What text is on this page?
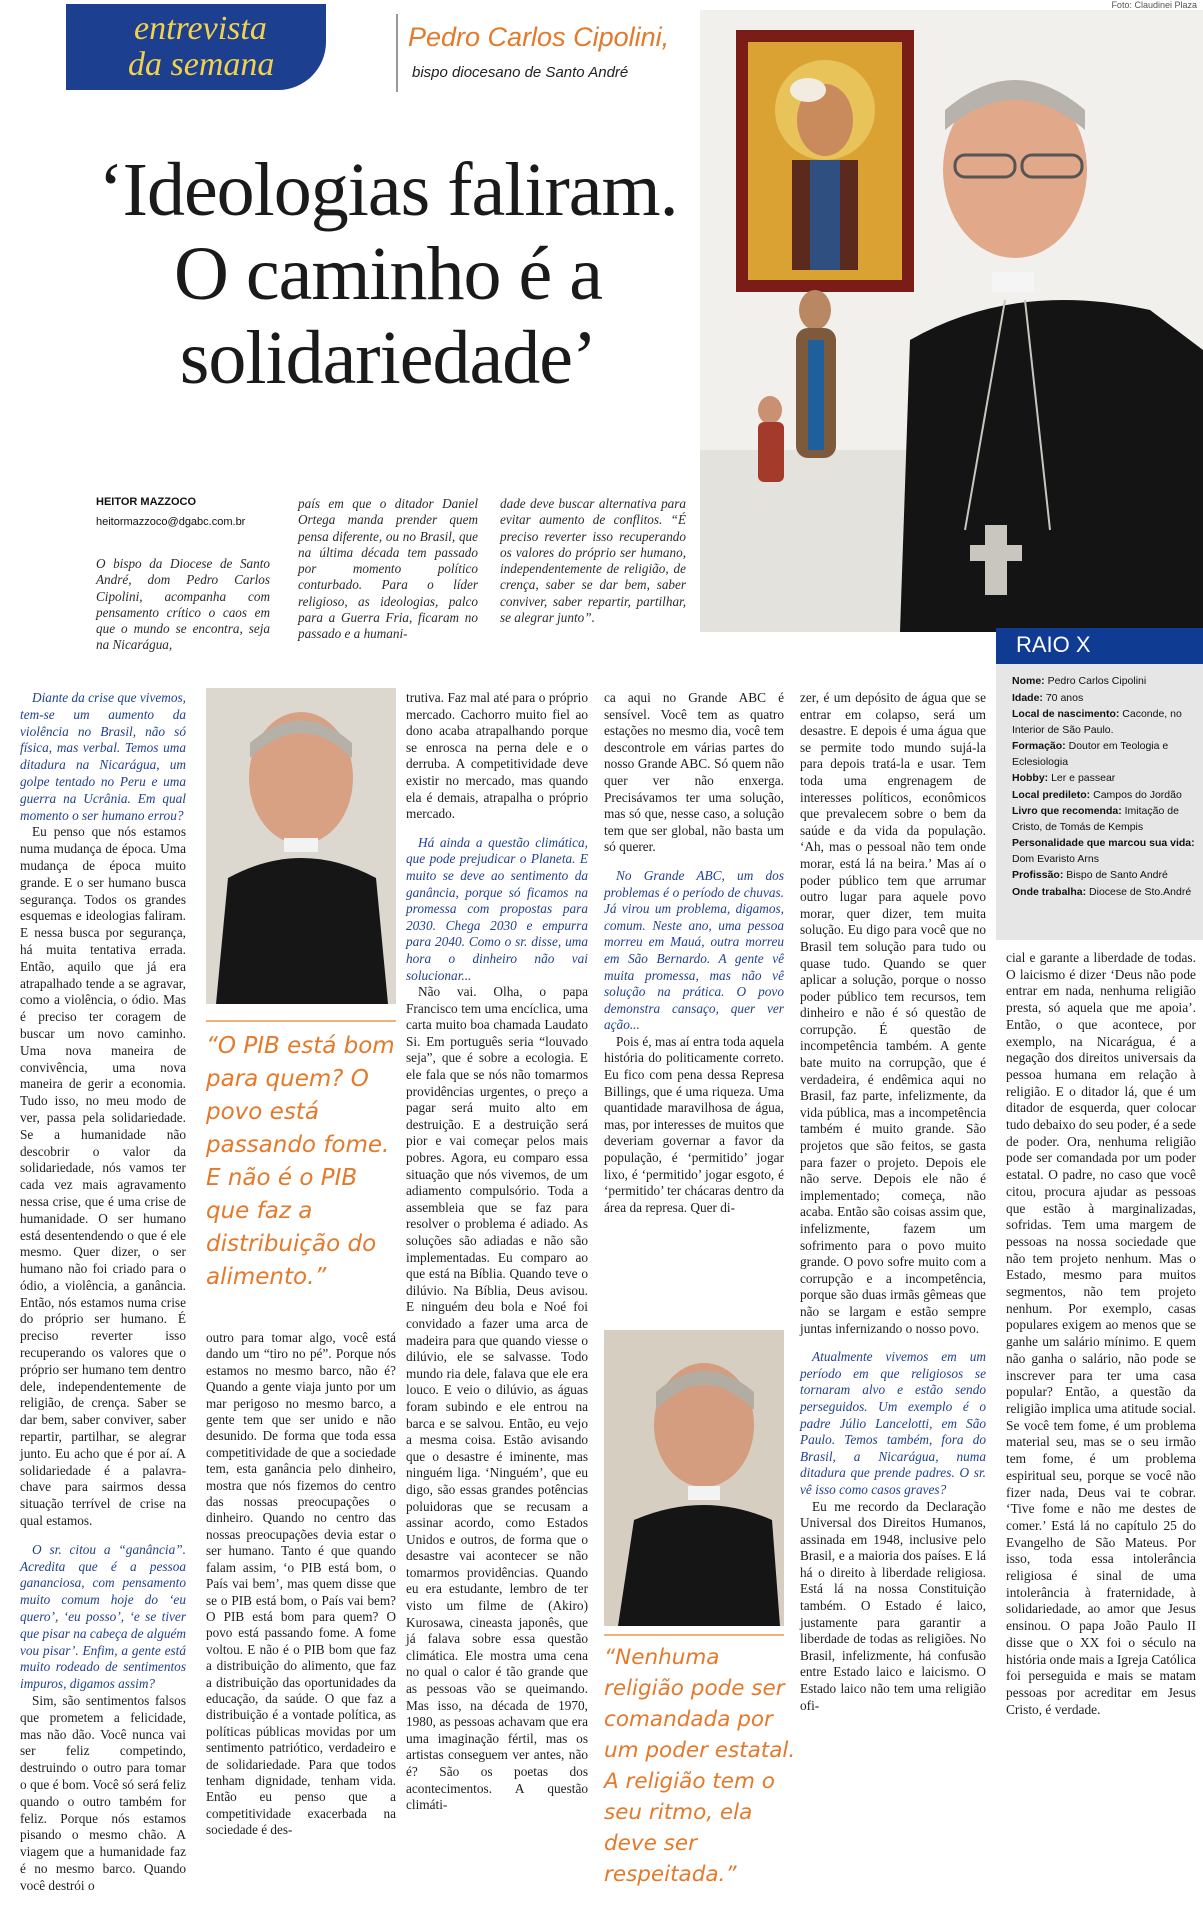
Foto: Claudinei Plaza
entrevista
da semana
Pedro Carlos Cipolini,
bispo diocesano de Santo André
‘Ideologias faliram.
O caminho é a
solidariedade’
HEITOR MAZZOCO
heitormazzoco@dgabc.com.br
O bispo da Diocese de Santo André, dom Pedro Carlos Cipolini, acompanha com pensamento crítico o caos em que o mundo se encontra, seja na Nicarágua,
país em que o ditador Daniel Ortega manda prender quem pensa diferente, ou no Brasil, que na última década tem passado por momento político conturbado. Para o líder religioso, as ideologias, palco para a Guerra Fria, ficaram no passado e a humani-
dade deve buscar alternativa para evitar aumento de conflitos. “É preciso reverter isso recuperando os valores do próprio ser humano, independentemente de religião, de crença, saber se dar bem, saber conviver, saber repartir, partilhar, se alegrar junto”.
RAIO X
Nome: Pedro Carlos Cipolini
Idade: 70 anos
Local de nascimento: Caconde, no Interior de São Paulo.
Formação: Doutor em Teologia e Eclesiologia
Hobby: Ler e passear
Local predileto: Campos do Jordão
Livro que recomenda: Imitação de Cristo, de Tomás de Kempis
Personalidade que marcou sua vida: Dom Evaristo Arns
Profissão: Bispo de Santo André
Onde trabalha: Diocese de Sto.André

Diante da crise que vivemos, tem-se um aumento da violência no Brasil, não só física, mas verbal. Temos uma ditadura na Nicarágua, um golpe tentado no Peru e uma guerra na Ucrânia. Em qual momento o ser humano errou?

Eu penso que nós estamos numa mudança de época. Uma mudança de época muito grande. E o ser humano busca segurança. Todos os grandes esquemas e ideologias faliram. E nessa busca por segurança, há muita tentativa errada. Então, aquilo que já era atrapalhado tende a se agravar, como a violência, o ódio. Mas é preciso ter coragem de buscar um novo caminho. Uma nova maneira de convivência, uma nova maneira de gerir a economia. Tudo isso, no meu modo de ver, passa pela solidariedade. Se a humanidade não descobrir o valor da solidariedade, nós vamos ter cada vez mais agravamento nessa crise, que é uma crise de humanidade. O ser humano está desentendendo o que é ele mesmo. Quer dizer, o ser humano não foi criado para o ódio, a violência, a ganância. Então, nós estamos numa crise do próprio ser humano. É preciso reverter isso recuperando os valores que o próprio ser humano tem dentro dele, independentemente de religião, de crença. Saber se dar bem, saber conviver, saber repartir, partilhar, se alegrar junto. Eu acho que é por aí. A solidariedade é a palavra-chave para sairmos dessa situação terrível de crise na qual estamos.

O sr. citou a “ganância”. Acredita que é a pessoa gananciosa, com pensamento muito comum hoje do ‘eu quero’, ‘eu posso’, ‘e se tiver que pisar na cabeça de alguém vou pisar’. Enfim, a gente está muito rodeado de sentimentos impuros, digamos assim?

Sim, são sentimentos falsos que prometem a felicidade, mas não dão. Você nunca vai ser feliz competindo, destruindo o outro para tomar o que é bom. Você só será feliz quando o outro também for feliz. Porque nós estamos pisando o mesmo chão. A viagem que a humanidade faz é no mesmo barco. Quando você destrói o

“O PIB está bom para quem? O povo está passando fome. E não é o PIB que faz a distribuição do alimento.”

outro para tomar algo, você está dando um “tiro no pé”. Porque nós estamos no mesmo barco, não é? Quando a gente viaja junto por um mar perigoso no mesmo barco, a gente tem que ser unido e não desunido. De forma que toda essa competitividade de que a sociedade tem, esta ganância pelo dinheiro, mostra que nós fizemos do centro das nossas preocupações o dinheiro. Quando no centro das nossas preocupações devia estar o ser humano. Tanto é que quando falam assim, ‘o PIB está bom, o País vai bem’, mas quem disse que se o PIB está bom, o País vai bem? O PIB está bom para quem? O povo está passando fome. A fome voltou. E não é o PIB bom que faz a distribuição do alimento, que faz a distribuição das oportunidades da educação, da saúde. O que faz a distribuição é a vontade política, as políticas públicas movidas por um sentimento patriótico, verdadeiro e de solidariedade. Para que todos tenham dignidade, tenham vida. Então eu penso que a competitividade exacerbada na sociedade é des-

trutiva. Faz mal até para o próprio mercado. Cachorro muito fiel ao dono acaba atrapalhando porque se enrosca na perna dele e o derruba. A competitividade deve existir no mercado, mas quando ela é demais, atrapalha o próprio mercado.

Há ainda a questão climática, que pode prejudicar o Planeta. E muito se deve ao sentimento da ganância, porque só ficamos na promessa com propostas para 2030. Chega 2030 e empurra para 2040. Como o sr. disse, uma hora o dinheiro não vai solucionar...

Não vai. Olha, o papa Francisco tem uma encíclica, uma carta muito boa chamada Laudato Si. Em português seria “louvado seja”, que é sobre a ecologia. E ele fala que se nós não tomarmos providências urgentes, o preço a pagar será muito alto em destruição. E a destruição será pior e vai começar pelos mais pobres. Agora, eu comparo essa situação que nós vivemos, de um adiamento compulsório. Toda a assembleia que se faz para resolver o problema é adiado. As soluções são adiadas e não são implementadas. Eu comparo ao que está na Bíblia. Quando teve o dilúvio. Na Bíblia, Deus avisou. E ninguém deu bola e Noé foi convidado a fazer uma arca de madeira para que quando viesse o dilúvio, ele se salvasse. Todo mundo ria dele, falava que ele era louco. E veio o dilúvio, as águas foram subindo e ele entrou na barca e se salvou. Então, eu vejo a mesma coisa. Estão avisando que o desastre é iminente, mas ninguém liga. ‘Ninguém’, que eu digo, são essas grandes potências poluidoras que se recusam a assinar acordo, como Estados Unidos e outros, de forma que o desastre vai acontecer se não tomarmos providências. Quando eu era estudante, lembro de ter visto um filme de (Akiro) Kurosawa, cineasta japonês, que já falava sobre essa questão climática. Ele mostra uma cena no qual o calor é tão grande que as pessoas vão se queimando. Mas isso, na década de 1970, 1980, as pessoas achavam que era uma imaginação fértil, mas os artistas conseguem ver antes, não é? São os poetas dos acontecimentos. A questão climáti-

ca aqui no Grande ABC é sensível. Você tem as quatro estações no mesmo dia, você tem descontrole em várias partes do nosso Grande ABC. Só quem não quer ver não enxerga. Precisávamos ter uma solução, mas só que, nesse caso, a solução tem que ser global, não basta um só querer.

No Grande ABC, um dos problemas é o período de chuvas. Já virou um problema, digamos, comum. Neste ano, uma pessoa morreu em Mauá, outra morreu em São Bernardo. A gente vê muita promessa, mas não vê solução na prática. O povo demonstra cansaço, quer ver ação...

Pois é, mas aí entra toda aquela história do politicamente correto. Eu fico com pena dessa Represa Billings, que é uma riqueza. Uma quantidade maravilhosa de água, mas, por interesses de muitos que deveriam governar a favor da população, é ‘permitido’ jogar lixo, é ‘permitido’ jogar esgoto, é ‘permitido’ ter chácaras dentro da área da represa. Quer di-

“Nenhuma religião pode ser comandada por um poder estatal. A religião tem o seu ritmo, ela deve ser respeitada.”

zer, é um depósito de água que se entrar em colapso, será um desastre. E depois é uma água que se permite todo mundo sujá-la para depois tratá-la e usar. Tem toda uma engrenagem de interesses políticos, econômicos que prevalecem sobre o bem da saúde e da vida da população. ‘Ah, mas o pessoal não tem onde morar, está lá na beira.’ Mas aí o poder público tem que arrumar outro lugar para aquele povo morar, quer dizer, tem muita solução. Eu digo para você que no Brasil tem solução para tudo ou quase tudo. Quando se quer aplicar a solução, porque o nosso poder público tem recursos, tem dinheiro e não é só questão de corrupção. É questão de incompetência também. A gente bate muito na corrupção, que é verdadeira, é endêmica aqui no Brasil, faz parte, infelizmente, da vida pública, mas a incompetência também é muito grande. São projetos que são feitos, se gasta para fazer o projeto. Depois ele não serve. Depois ele não é implementado; começa, não acaba. Então são coisas assim que, infelizmente, fazem um sofrimento para o povo muito grande. O povo sofre muito com a corrupção e a incompetência, porque são duas irmãs gêmeas que não se largam e estão sempre juntas infernizando o nosso povo.

Atualmente vivemos em um período em que religiosos se tornaram alvo e estão sendo perseguidos. Um exemplo é o padre Júlio Lancelotti, em São Paulo. Temos também, fora do Brasil, a Nicarágua, numa ditadura que prende padres. O sr. vê isso como casos graves?

Eu me recordo da Declaração Universal dos Direitos Humanos, assinada em 1948, inclusive pelo Brasil, e a maioria dos países. E lá há o direito à liberdade religiosa. Está lá na nossa Constituição também. O Estado é laico, justamente para garantir a liberdade de todas as religiões. No Brasil, infelizmente, há confusão entre Estado laico e laicismo. O Estado laico não tem uma religião ofi-

cial e garante a liberdade de todas. O laicismo é dizer ‘Deus não pode entrar em nada, nenhuma religião presta, só aquela que me apoia’. Então, o que acontece, por exemplo, na Nicarágua, é a negação dos direitos universais da pessoa humana em relação à religião. E o ditador lá, que é um ditador de esquerda, quer colocar tudo debaixo do seu poder, é a sede de poder. Ora, nenhuma religião pode ser comandada por um poder estatal. O padre, no caso que você citou, procura ajudar as pessoas que estão à marginalizadas, sofridas. Tem uma margem de pessoas na nossa sociedade que não tem projeto nenhum. Mas o Estado, mesmo para muitos segmentos, não tem projeto nenhum. Por exemplo, casas populares exigem ao menos que se ganhe um salário mínimo. E quem não ganha o salário, não pode se inscrever para ter uma casa popular? Então, a questão da religião implica uma atitude social. Se você tem fome, é um problema material seu, mas se o seu irmão tem fome, é um problema espiritual seu, porque se você não fizer nada, Deus vai te cobrar. ‘Tive fome e não me destes de comer.’ Está lá no capítulo 25 do Evangelho de São Mateus. Por isso, toda essa intolerância religiosa é sinal de uma intolerância à fraternidade, à solidariedade, ao amor que Jesus ensinou. O papa João Paulo II disse que o XX foi o século na história onde mais a Igreja Católica foi perseguida e mais se matam pessoas por acreditar em Jesus Cristo, é verdade.
